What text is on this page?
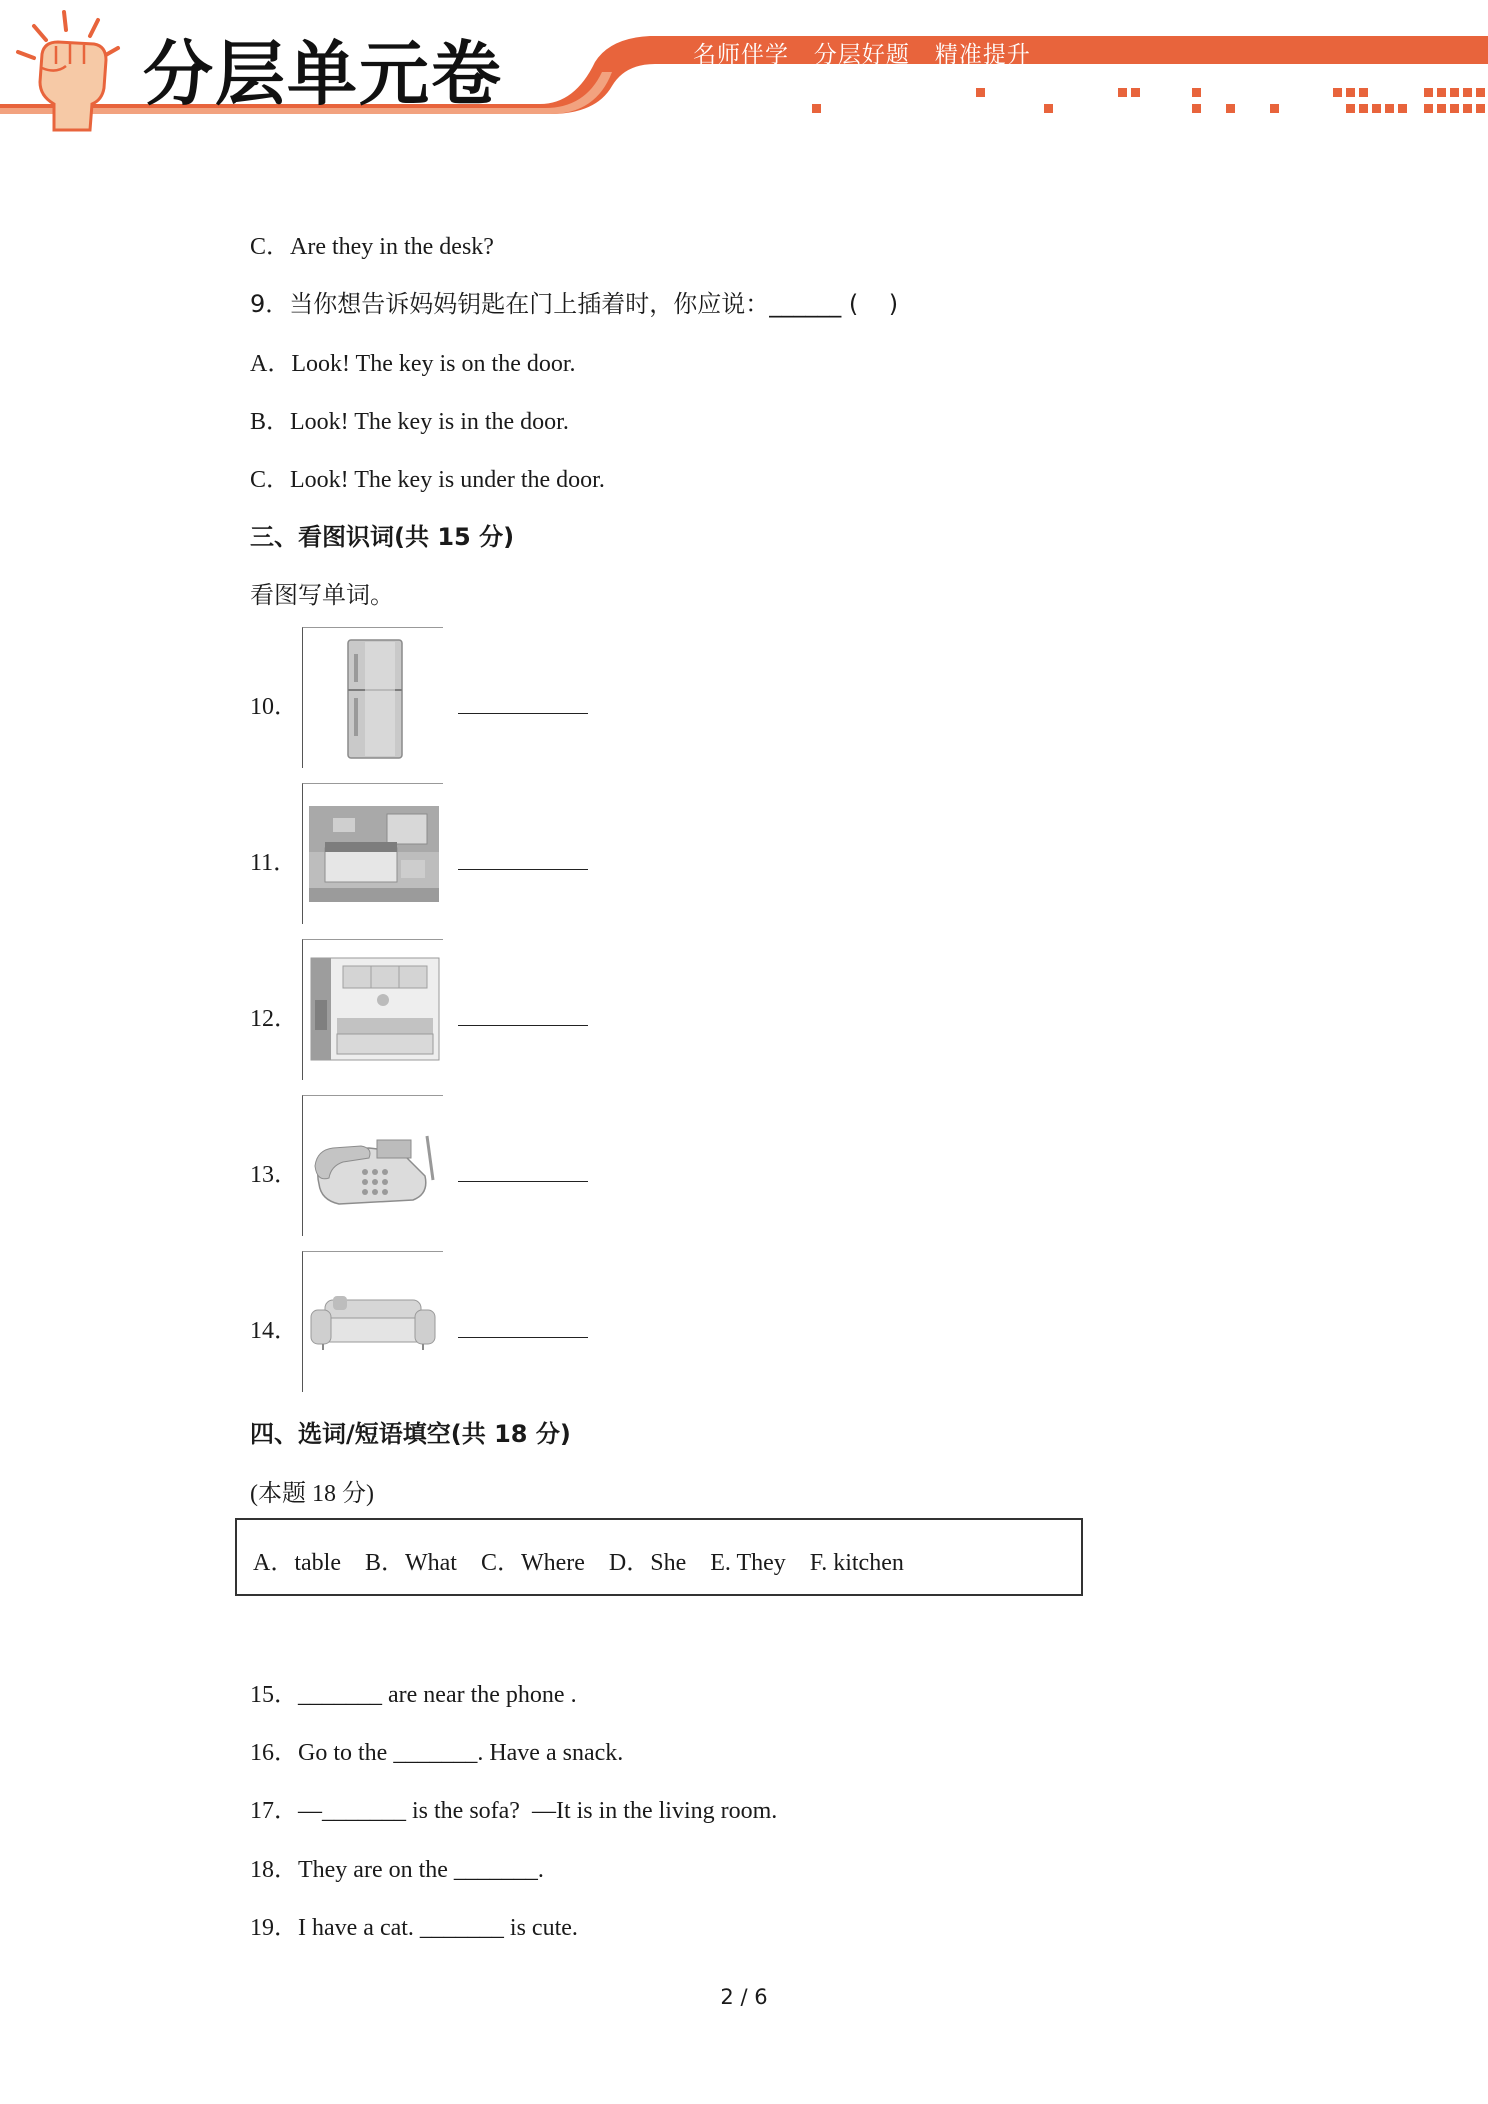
分层单元卷	名师伴学   分层好题   精准提升
C．Are they in the desk?
9．当你想告诉妈妈钥匙在门上插着时，你应说：______ (    )
A．Look! The key is on the door.
B．Look! The key is in the door.
C．Look! The key is under the door.
三、看图识词(共 15 分)
看图写单词。
10．
11．
12．
13．
14．
四、选词/短语填空(共 18 分)
(本题 18 分)
A．table    B．What    C．Where    D．She    E. They    F. kitchen
15．_______ are near the phone .
16．Go to the _______. Have a snack.
17．—_______ is the sofa?  —It is in the living room.
18．They are on the _______.
19．I have a cat. _______ is cute.
2 / 6
